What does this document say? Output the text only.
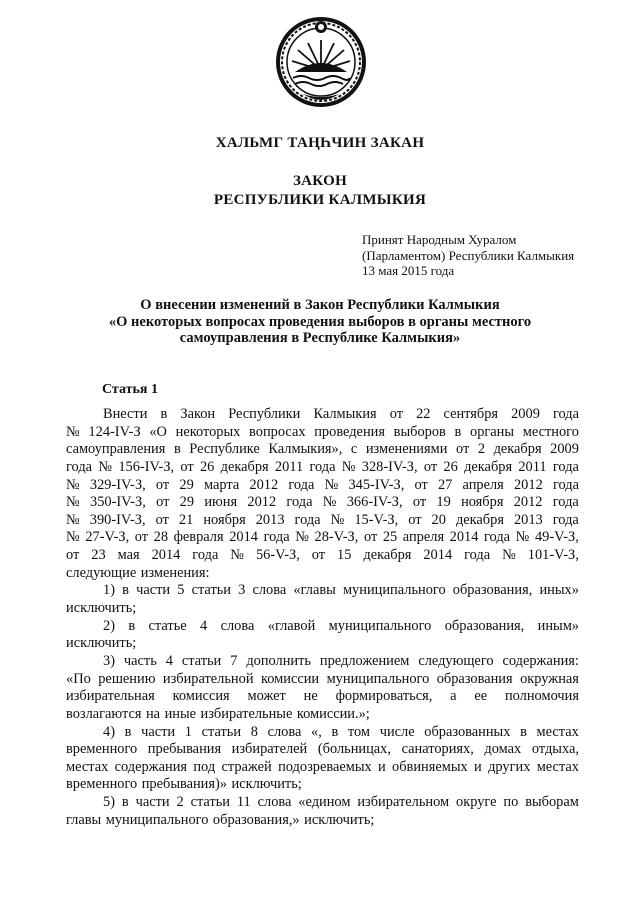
ХАЛЬМГ ТАҢҺЧИН ЗАКАН
ЗАКОН
РЕСПУБЛИКИ КАЛМЫКИЯ
Принят Народным Хуралом
(Парламентом) Республики Калмыкия
13 мая 2015 года
О внесении изменений в Закон Республики Калмыкия
«О некоторых вопросах проведения выборов в органы местного
самоуправления в Республике Калмыкия»
Статья 1
Внести в Закон Республики Калмыкия от 22 сентября 2009 года
№ 124-IV-З «О некоторых вопросах проведения выборов в органы местного
самоуправления в Республике Калмыкия», с изменениями от 2 декабря 2009
года № 156-IV-З, от 26 декабря 2011 года № 328-IV-З, от 26 декабря 2011 года
№ 329-IV-З, от 29 марта 2012 года № 345-IV-З, от 27 апреля 2012 года
№ 350-IV-З, от 29 июня 2012 года № 366-IV-З, от 19 ноября 2012 года
№ 390-IV-З, от 21 ноября 2013 года № 15-V-З, от 20 декабря 2013 года
№ 27-V-З, от 28 февраля 2014 года № 28-V-З, от 25 апреля 2014 года № 49-V-З,
от 23 мая 2014 года № 56-V-З, от 15 декабря 2014 года № 101-V-З,
следующие изменения:
1) в части 5 статьи 3 слова «главы муниципального образования, иных»
исключить;
2) в статье 4 слова «главой муниципального образования, иным»
исключить;
3) часть 4 статьи 7 дополнить предложением следующего содержания:
«По решению избирательной комиссии муниципального образования окружная
избирательная комиссия может не формироваться, а ее полномочия
возлагаются на иные избирательные комиссии.»;
4) в части 1 статьи 8 слова «, в том числе образованных в местах
временного пребывания избирателей (больницах, санаториях, домах отдыха,
местах содержания под стражей подозреваемых и обвиняемых и других местах
временного пребывания)» исключить;
5) в части 2 статьи 11 слова «едином избирательном округе по выборам
главы муниципального образования,» исключить;
